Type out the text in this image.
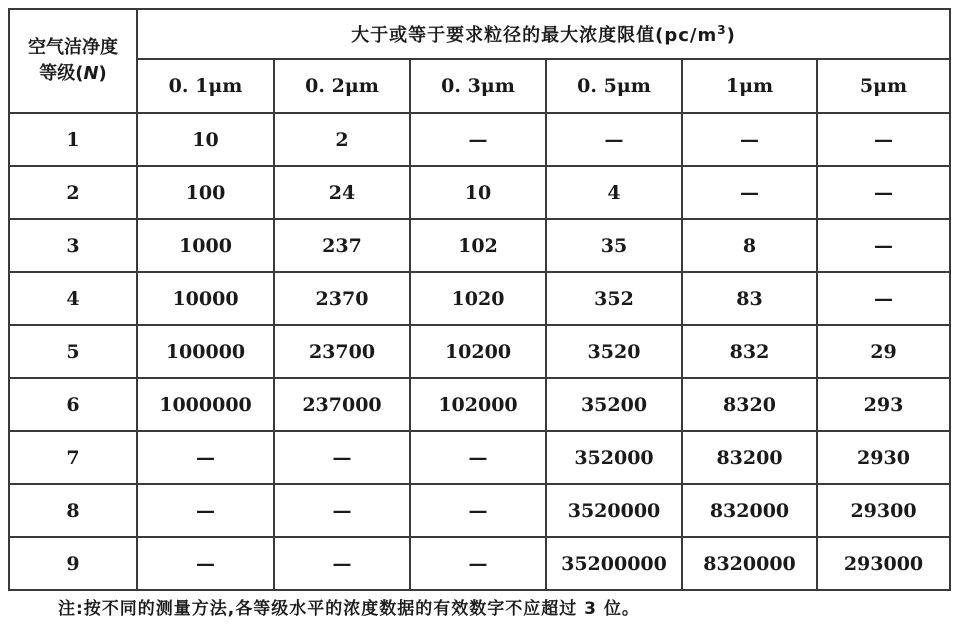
空气洁净度
等级(N)	大于或等于要求粒径的最大浓度限值$(pc/m^3)$					
	0. 1μm	0. 2μm	0. 3μm	0. 5μm	1μm	5μm
1	10	2	—	—	—	—
2	100	24	10	4	—	—
3	1000	237	102	35	8	—
4	10000	2370	1020	352	83	—
5	100000	23700	10200	3520	832	29
6	1000000	237000	102000	35200	8320	293
7	—	—	—	352000	83200	2930
8	—	—	—	3520000	832000	29300
9	—	—	—	35200000	8320000	293000
注:按不同的测量方法,各等级水平的浓度数据的有效数字不应超过 3 位。
